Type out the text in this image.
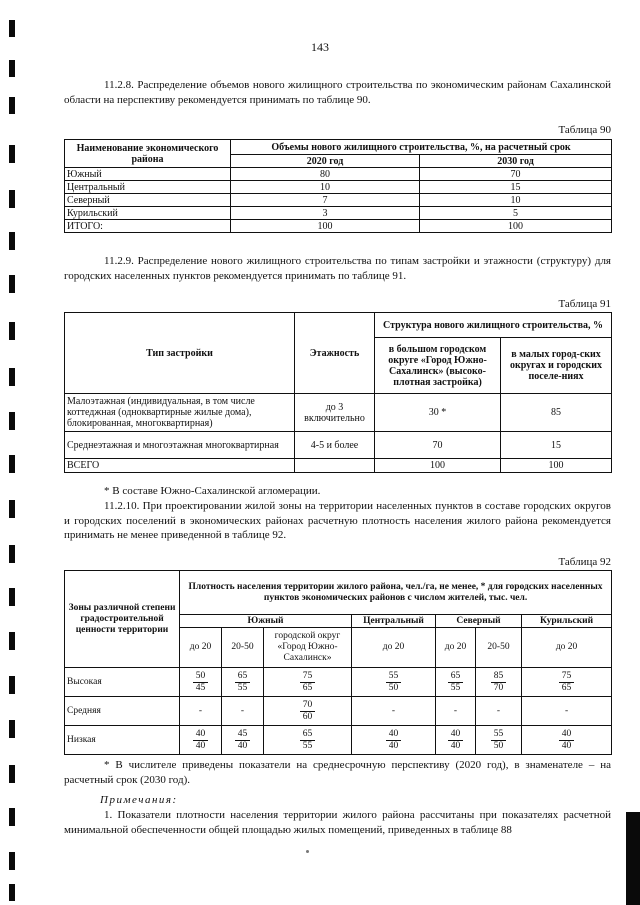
143

11.2.8. Распределение объемов нового жилищного строительства по экономическим районам Сахалинской области на перспективу рекомендуется принимать по таблице 90.

Таблица 90
Наименование экономического района	Объемы нового жилищного строительства, %, на расчетный срок	
	2020 год	2030 год
Южный	80	70
Центральный	10	15
Северный	7	10
Курильский	3	5
ИТОГО:	100	100

11.2.9. Распределение нового жилищного строительства по типам застройки и этажности (структуру) для городских населенных пунктов рекомендуется принимать по таблице 91.

Таблица 91
Тип застройки	Этажность	Структура нового жилищного строительства, %	
		в большом городском округе «Город Южно-Сахалинск» (высоко-плотная застройка)	в малых город-ских округах и городских поселе-ниях
Малоэтажная (индивидуальная, в том числе коттеджная (одноквартирные жилые дома), блокированная, многоквартирная)	до 3 включительно	30 *	85
Среднеэтажная и многоэтажная многоквартирная	4-5 и более	70	15
ВСЕГО		100	100

* В составе Южно-Сахалинской агломерации.

11.2.10. При проектировании жилой зоны на территории населенных пунктов в составе городских округов и городских поселений в экономических районах расчетную плотность населения жилого района рекомендуется принимать не менее приведенной в таблице 92.

Таблица 92
Зоны различной степени градостроительной ценности территории	Плотность населения территории жилого района, чел./га, не менее, * для городских населенных пунктов экономических районов с числом жителей, тыс. чел.						
	Южный			Центральный	Северный		Курильский
	до 20	20-50	городской округ «Город Южно-Сахалинск»	до 20	до 20	20-50	до 20
Высокая	$\frac{50}{45}$	$\frac{65}{55}$	$\frac{75}{65}$	$\frac{55}{50}$	$\frac{65}{55}$	$\frac{85}{70}$	$\frac{75}{65}$

Средняя	-	-	$\frac{70}{60}$	-	-	-	-
Низкая	$\frac{40}{40}$	$\frac{45}{40}$	$\frac{65}{55}$	$\frac{40}{40}$	$\frac{40}{40}$	$\frac{55}{50}$	$\frac{40}{40}$

* В числителе приведены показатели на среднесрочную перспективу (2020 год), в знаменателе – на расчетный срок (2030 год).

Примечания:

1. Показатели плотности населения территории жилого района рассчитаны при показателях расчетной минимальной обеспеченности общей площадью жилых помещений, приведенных в таблице 88
